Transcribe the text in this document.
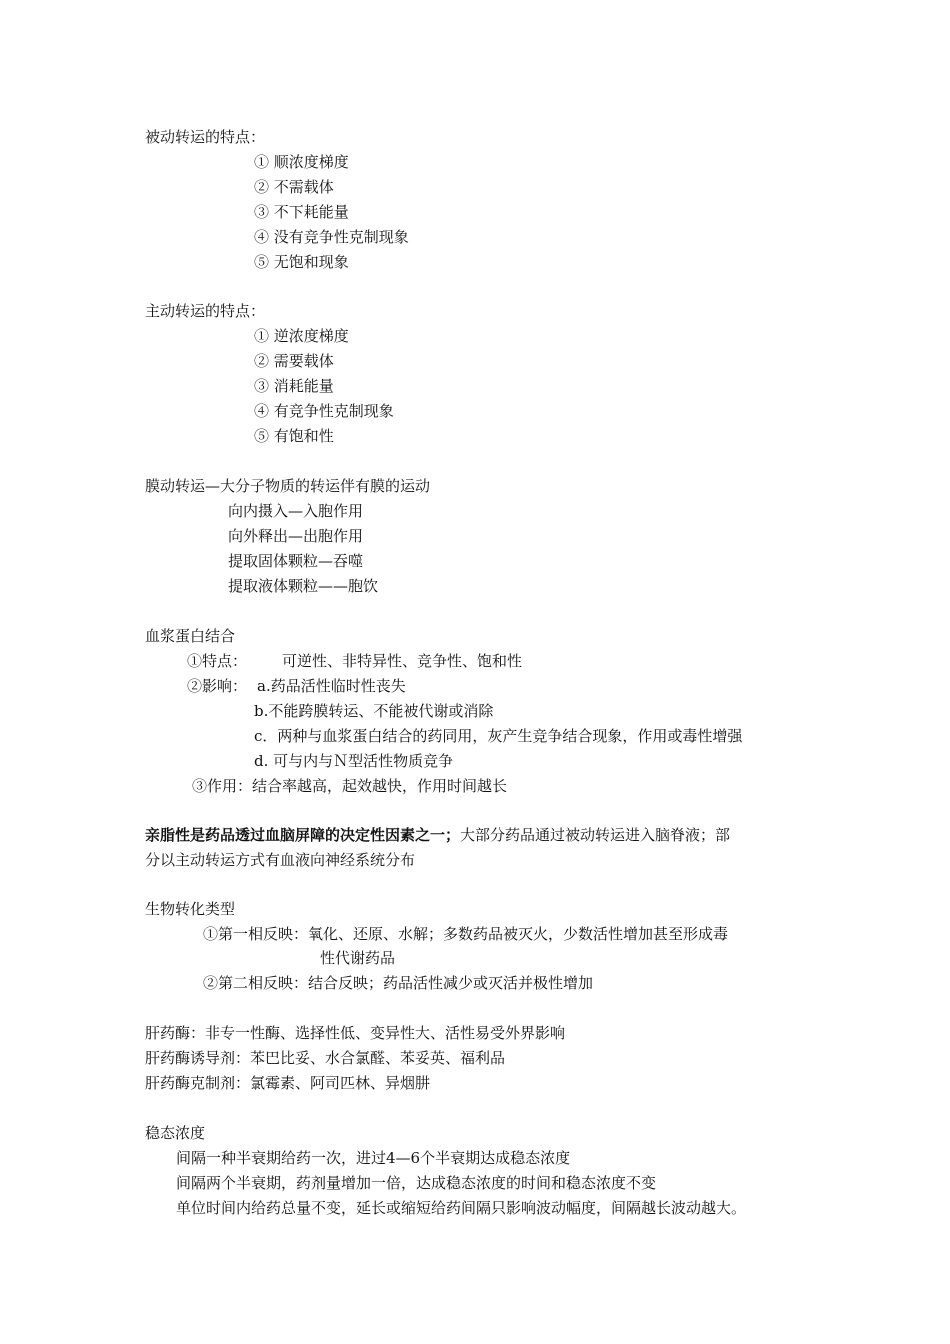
被动转运的特点：
① 顺浓度梯度
② 不需载体
③ 不下耗能量
④ 没有竞争性克制现象
⑤ 无饱和现象
主动转运的特点：
① 逆浓度梯度
② 需要载体
③ 消耗能量
④ 有竞争性克制现象
⑤ 有饱和性
膜动转运—大分子物质的转运伴有膜的运动
向内摄入—入胞作用
向外释出—出胞作用
提取固体颗粒—吞噬
提取液体颗粒——胞饮
血浆蛋白结合
①特点： 可逆性、非特异性、竞争性、饱和性
②影响： a.药品活性临时性丧失
b.不能跨膜转运、不能被代谢或消除
c．两种与血浆蛋白结合的药同用，灰产生竞争结合现象，作用或毒性增强
d. 可与内与Ｎ型活性物质竞争
③作用：结合率越高，起效越快，作用时间越长
亲脂性是药品透过血脑屏障的决定性因素之一；大部分药品通过被动转运进入脑脊液；部
分以主动转运方式有血液向神经系统分布
生物转化类型
①第一相反映：氧化、还原、水解；多数药品被灭火，少数活性增加甚至形成毒
性代谢药品
②第二相反映：结合反映；药品活性减少或灭活并极性增加
肝药酶：非专一性酶、选择性低、变异性大、活性易受外界影响
肝药酶诱导剂：苯巴比妥、水合氯醛、苯妥英、福利品
肝药酶克制剂：氯霉素、阿司匹林、异烟肼
稳态浓度
间隔一种半衰期给药一次，进过4—6个半衰期达成稳态浓度
间隔两个半衰期，药剂量增加一倍，达成稳态浓度的时间和稳态浓度不变
单位时间内给药总量不变，延长或缩短给药间隔只影响波动幅度，间隔越长波动越大。
